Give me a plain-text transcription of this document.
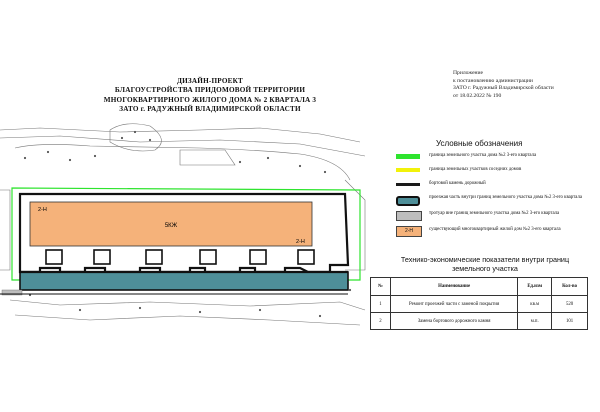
Приложение
к постановлению администрации
ЗАТО г. Радужный Владимирской области
от 18.02.2022 № 190
ДИЗАЙН-ПРОЕКТ
БЛАГОУСТРОЙСТВА ПРИДОМОВОЙ ТЕРРИТОРИИ
МНОГОКВАРТИРНОГО ЖИЛОГО ДОМА № 2 КВАРТАЛА 3
ЗАТО г. РАДУЖНЫЙ ВЛАДИМИРСКОЙ ОБЛАСТИ
5КЖ
2-Н
2-Н
Условные обозначения
граница земельного участка дома №2 3-его квартала
граница земельных участков соседних домов
бортовой камень дорожный
проезжая часть внутри границ земельного участка дома №2 3-его квартала
тротуар вне границ земельного участка дома №2 3-его квартала
2-Н	существующий многоквартирный жилой дом №2 3-его квартала
Технико-экономические показатели внутри границ
земельного участка
№	Наименование	Ед.изм	Кол-во
1	Ремонт проезжей части с заменой покрытия	кв.м	520
2	Замена бортового дорожного камня	м.п.	101
